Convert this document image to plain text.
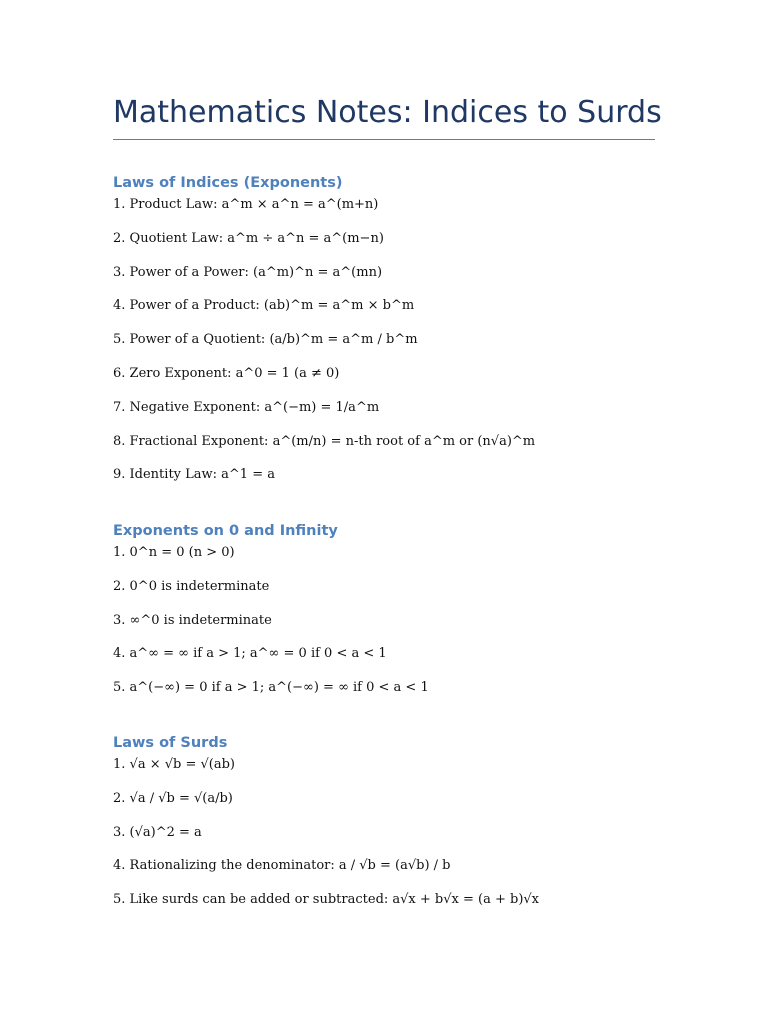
Mathematics Notes: Indices to Surds
Laws of Indices (Exponents)
1. Product Law: a^m × a^n = a^(m+n)
2. Quotient Law: a^m ÷ a^n = a^(m−n)
3. Power of a Power: (a^m)^n = a^(mn)
4. Power of a Product: (ab)^m = a^m × b^m
5. Power of a Quotient: (a/b)^m = a^m / b^m
6. Zero Exponent: a^0 = 1 (a ≠ 0)
7. Negative Exponent: a^(−m) = 1/a^m
8. Fractional Exponent: a^(m/n) = n-th root of a^m or (n√a)^m
9. Identity Law: a^1 = a
Exponents on 0 and Infinity
1. 0^n = 0 (n > 0)
2. 0^0 is indeterminate
3. ∞^0 is indeterminate
4. a^∞ = ∞ if a > 1; a^∞ = 0 if 0 < a < 1
5. a^(−∞) = 0 if a > 1; a^(−∞) = ∞ if 0 < a < 1
Laws of Surds
1. √a × √b = √(ab)
2. √a / √b = √(a/b)
3. (√a)^2 = a
4. Rationalizing the denominator: a / √b = (a√b) / b
5. Like surds can be added or subtracted: a√x + b√x = (a + b)√x
